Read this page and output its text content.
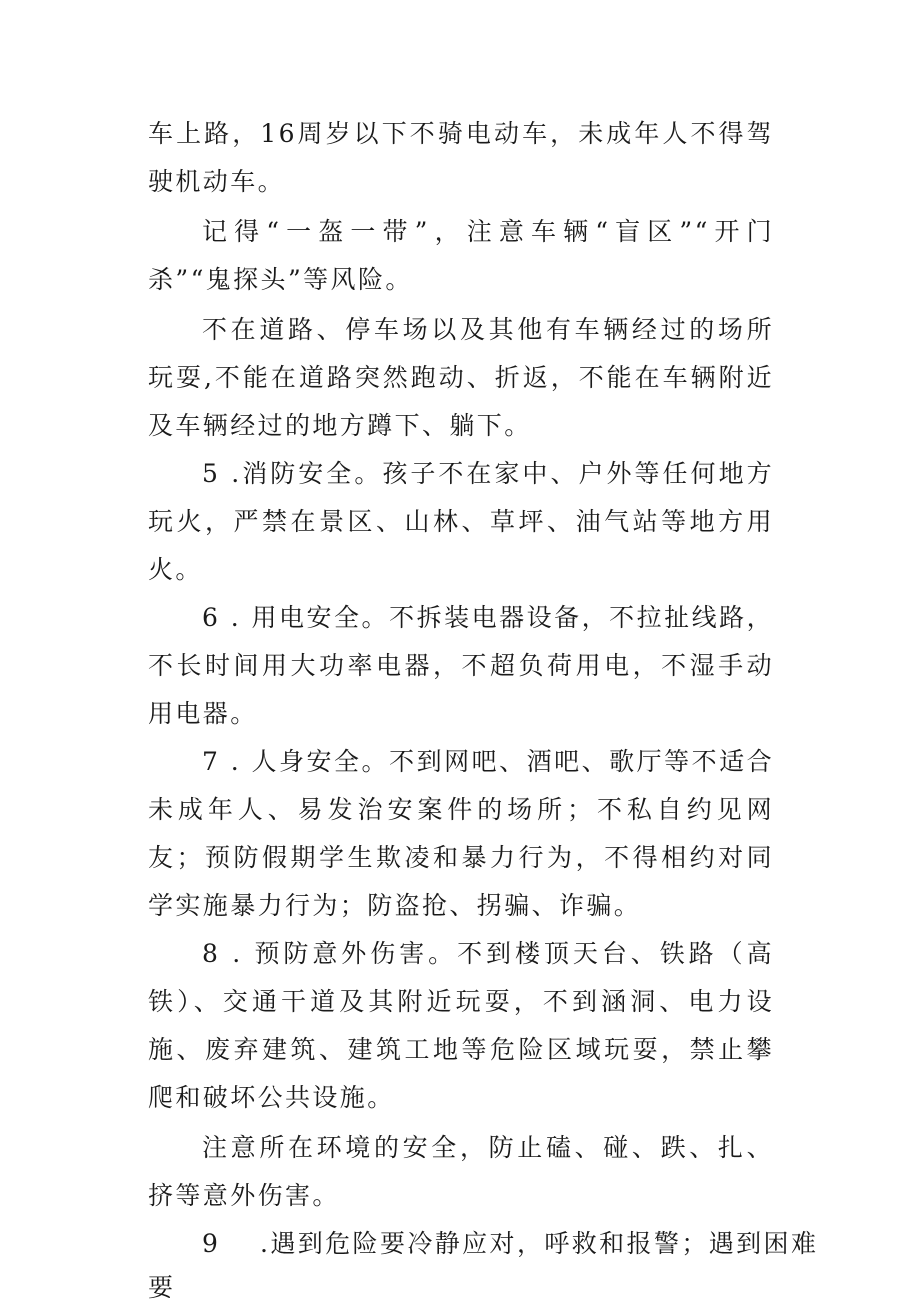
车上路，16周岁以下不骑电动车，未成年人不得驾驶机动车。

记得“一盔一带”，注意车辆“盲区”“开门杀”“鬼探头”等风险。

不在道路、停车场以及其他有车辆经过的场所玩耍,不能在道路突然跑动、折返，不能在车辆附近及车辆经过的地方蹲下、躺下。

5 .消防安全。孩子不在家中、户外等任何地方玩火，严禁在景区、山林、草坪、油气站等地方用火。

6 . 用电安全。不拆装电器设备，不拉扯线路，不长时间用大功率电器，不超负荷用电，不湿手动用电器。

7 . 人身安全。不到网吧、酒吧、歌厅等不适合未成年人、易发治安案件的场所；不私自约见网友；预防假期学生欺凌和暴力行为，不得相约对同学实施暴力行为；防盗抢、拐骗、诈骗。

8 . 预防意外伤害。不到楼顶天台、铁路（高铁）、交通干道及其附近玩耍，不到涵洞、电力设施、废弃建筑、建筑工地等危险区域玩耍，禁止攀爬和破坏公共设施。

注意所在环境的安全，防止磕、碰、跌、扎、挤等意外伤害。

9 .遇到危险要冷静应对，呼救和报警；遇到困难

要
